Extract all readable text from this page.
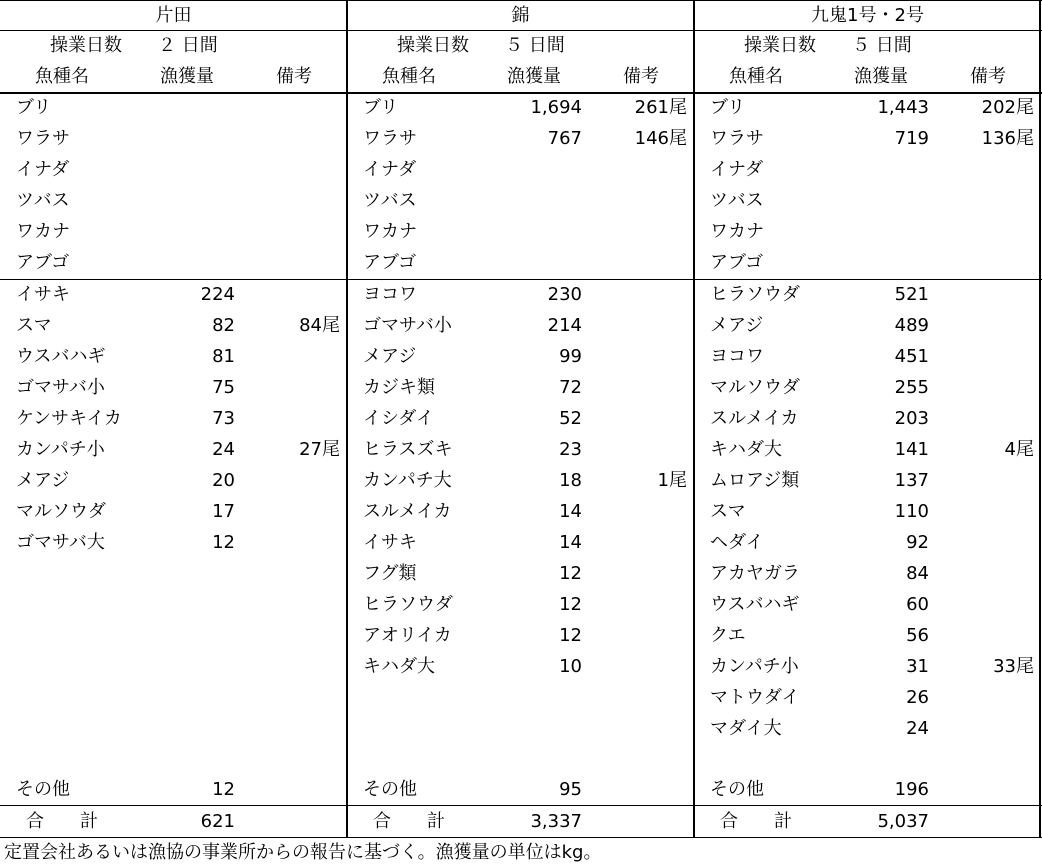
片田
操業日数	２ 日間
魚種名	漁獲量	備考
ブリ
ワラサ
イナダ
ツバス
ワカナ
アブゴ
イサキ	224
スマ	82	84尾
ウスバハギ	81
ゴマサバ小	75
ケンサキイカ	73
カンパチ小	24	27尾
メアジ	20
マルソウダ	17
ゴマサバ大	12
その他	12
合　　計	621
錦
操業日数	５ 日間
魚種名	漁獲量	備考
ブリ	1,694	261尾
ワラサ	767	146尾
イナダ
ツバス
ワカナ
アブゴ
ヨコワ	230
ゴマサバ小	214
メアジ	99
カジキ類	72
イシダイ	52
ヒラスズキ	23
カンパチ大	18	1尾
スルメイカ	14
イサキ	14
フグ類	12
ヒラソウダ	12
アオリイカ	12
キハダ大	10
その他	95
合　　計	3,337
九鬼1号・2号
操業日数	５ 日間
魚種名	漁獲量	備考
ブリ	1,443	202尾
ワラサ	719	136尾
イナダ
ツバス
ワカナ
アブゴ
ヒラソウダ	521
メアジ	489
ヨコワ	451
マルソウダ	255
スルメイカ	203
キハダ大	141	4尾
ムロアジ類	137
スマ	110
ヘダイ	92
アカヤガラ	84
ウスバハギ	60
クエ	56
カンパチ小	31	33尾
マトウダイ	26
マダイ大	24
その他	196
合　　計	5,037
定置会社あるいは漁協の事業所からの報告に基づく。漁獲量の単位はkg。
